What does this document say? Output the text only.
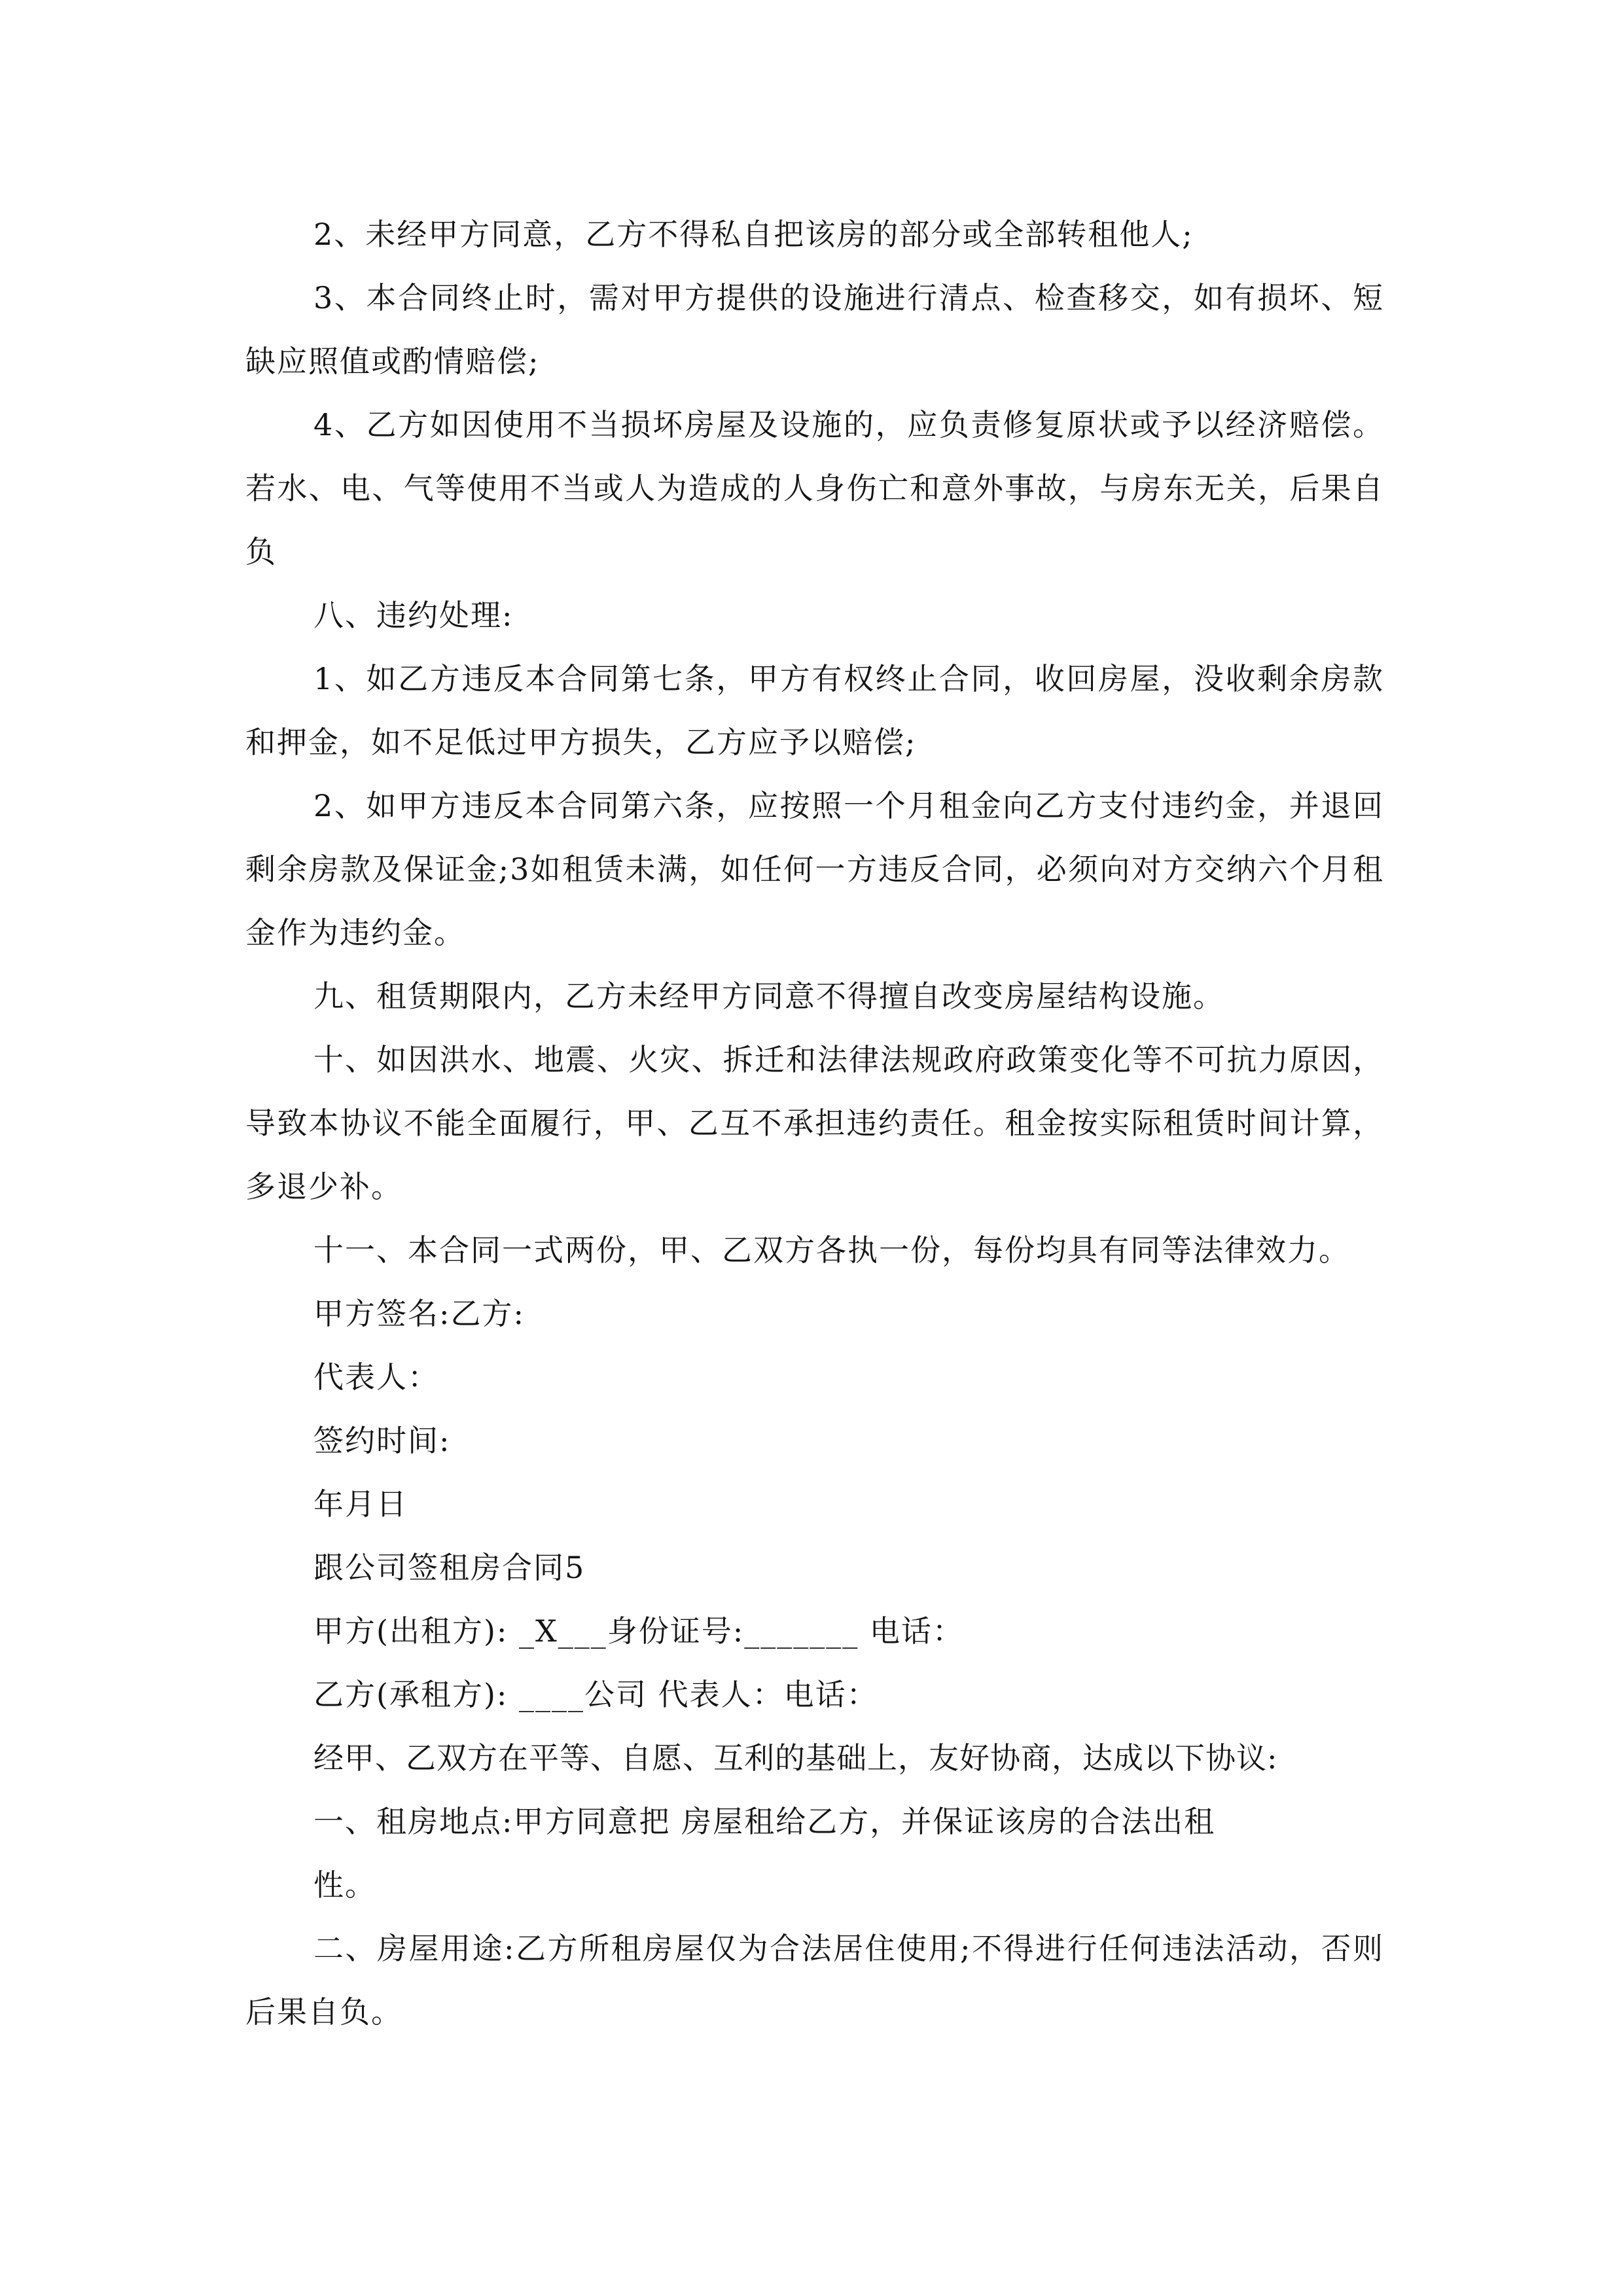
2、未经甲方同意，乙方不得私自把该房的部分或全部转租他人;

3、本合同终止时，需对甲方提供的设施进行清点、检查移交，如有损坏、短缺应照值或酌情赔偿;

4、乙方如因使用不当损坏房屋及设施的，应负责修复原状或予以经济赔偿。若水、电、气等使用不当或人为造成的人身伤亡和意外事故，与房东无关，后果自负

八、违约处理:

1、如乙方违反本合同第七条，甲方有权终止合同，收回房屋，没收剩余房款和押金，如不足低过甲方损失，乙方应予以赔偿;

2、如甲方违反本合同第六条，应按照一个月租金向乙方支付违约金，并退回剩余房款及保证金;3如租赁未满，如任何一方违反合同，必须向对方交纳六个月租金作为违约金。

九、租赁期限内，乙方未经甲方同意不得擅自改变房屋结构设施。

十、如因洪水、地震、火灾、拆迁和法律法规政府政策变化等不可抗力原因，导致本协议不能全面履行，甲、乙互不承担违约责任。租金按实际租赁时间计算，多退少补。

十一、本合同一式两份，甲、乙双方各执一份，每份均具有同等法律效力。

甲方签名:乙方:

代表人：

签约时间:

年月日

跟公司签租房合同5

甲方(出租方): _X___身份证号:_______ 电话：

乙方(承租方): ____公司 代表人：电话：

经甲、乙双方在平等、自愿、互利的基础上，友好协商，达成以下协议:

一、租房地点:甲方同意把 房屋租给乙方，并保证该房的合法出租

性。

二、房屋用途:乙方所租房屋仅为合法居住使用;不得进行任何违法活动，否则后果自负。
